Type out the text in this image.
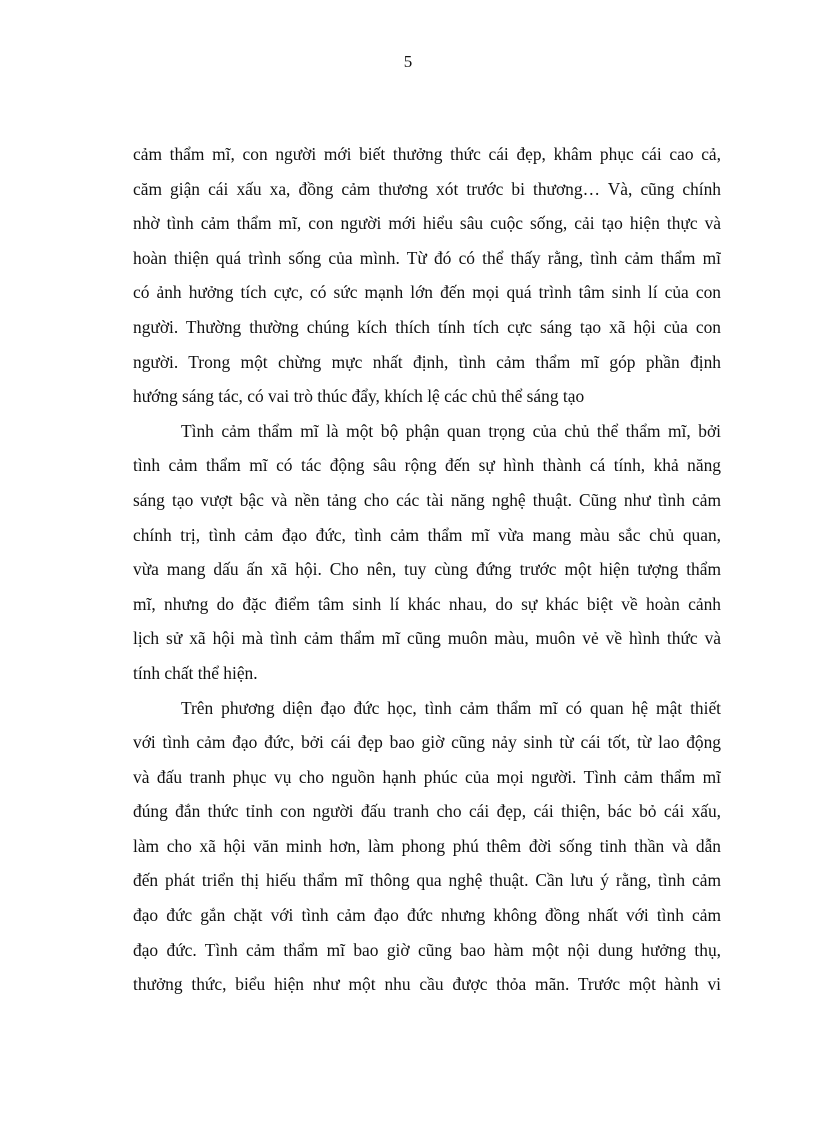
5

cảm thẩm mĩ, con người mới biết thưởng thức cái đẹp, khâm phục cái cao cả,
căm giận cái xấu xa, đồng cảm thương xót trước bi thương… Và, cũng chính
nhờ tình cảm thẩm mĩ, con người mới hiểu sâu cuộc sống, cải tạo hiện thực và
hoàn thiện quá trình sống của mình. Từ đó có thể thấy rằng, tình cảm thẩm mĩ
có ảnh hưởng tích cực, có sức mạnh lớn đến mọi quá trình tâm sinh lí của con
người. Thường thường chúng kích thích tính tích cực sáng tạo xã hội của con
người. Trong một chừng mực nhất định, tình cảm thẩm mĩ góp phần định
hướng sáng tác, có vai trò thúc đẩy, khích lệ các chủ thể sáng tạo

Tình cảm thẩm mĩ là một bộ phận quan trọng của chủ thể thẩm mĩ, bởi
tình cảm thẩm mĩ có tác động sâu rộng đến sự hình thành cá tính, khả năng
sáng tạo vượt bậc và nền tảng cho các tài năng nghệ thuật. Cũng như tình cảm
chính trị, tình cảm đạo đức, tình cảm thẩm mĩ vừa mang màu sắc chủ quan,
vừa mang dấu ấn xã hội. Cho nên, tuy cùng đứng trước một hiện tượng thẩm
mĩ, nhưng do đặc điểm tâm sinh lí khác nhau, do sự khác biệt về hoàn cảnh
lịch sử xã hội mà tình cảm thẩm mĩ cũng muôn màu, muôn vẻ về hình thức và
tính chất thể hiện.

Trên phương diện đạo đức học, tình cảm thẩm mĩ có quan hệ mật thiết
với tình cảm đạo đức, bởi cái đẹp bao giờ cũng nảy sinh từ cái tốt, từ lao động
và đấu tranh phục vụ cho nguồn hạnh phúc của mọi người. Tình cảm thẩm mĩ
đúng đắn thức tỉnh con người đấu tranh cho cái đẹp, cái thiện, bác bỏ cái xấu,
làm cho xã hội văn minh hơn, làm phong phú thêm đời sống tinh thần và dẫn
đến phát triển thị hiếu thẩm mĩ thông qua nghệ thuật. Cần lưu ý rằng, tình cảm
đạo đức gắn chặt với tình cảm đạo đức nhưng không đồng nhất với tình cảm
đạo đức. Tình cảm thẩm mĩ bao giờ cũng bao hàm một nội dung hưởng thụ,
thưởng thức, biểu hiện như một nhu cầu được thỏa mãn. Trước một hành vi
